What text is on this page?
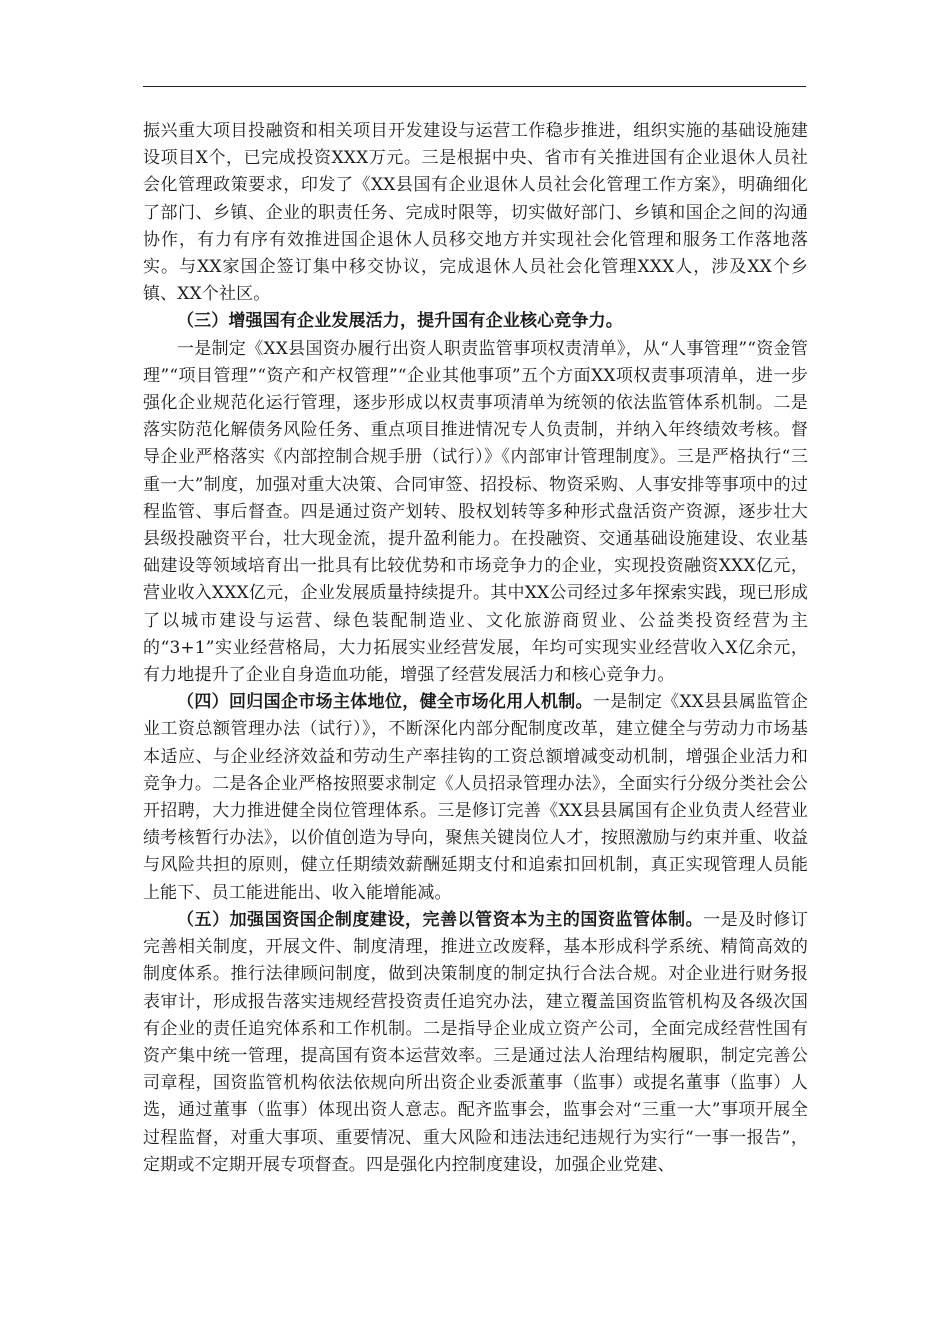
振兴重大项目投融资和相关项目开发建设与运营工作稳步推进，组织实施的基础设施建设项目X个，已完成投资XXX万元。三是根据中央、省市有关推进国有企业退休人员社会化管理政策要求，印发了《XX县国有企业退休人员社会化管理工作方案》，明确细化了部门、乡镇、企业的职责任务、完成时限等，切实做好部门、乡镇和国企之间的沟通协作，有力有序有效推进国企退休人员移交地方并实现社会化管理和服务工作落地落实。与XX家国企签订集中移交协议，完成退休人员社会化管理XXX人，涉及XX个乡镇、XX个社区。

（三）增强国有企业发展活力，提升国有企业核心竞争力。

一是制定《XX县国资办履行出资人职责监管事项权责清单》，从“人事管理”“资金管理”“项目管理”“资产和产权管理”“企业其他事项”五个方面XX项权责事项清单，进一步强化企业规范化运行管理，逐步形成以权责事项清单为统领的依法监管体系机制。二是落实防范化解债务风险任务、重点项目推进情况专人负责制，并纳入年终绩效考核。督导企业严格落实《内部控制合规手册（试行）》《内部审计管理制度》。三是严格执行“三重一大”制度，加强对重大决策、合同审签、招投标、物资采购、人事安排等事项中的过程监管、事后督查。四是通过资产划转、股权划转等多种形式盘活资产资源，逐步壮大县级投融资平台，壮大现金流，提升盈利能力。在投融资、交通基础设施建设、农业基础建设等领域培育出一批具有比较优势和市场竞争力的企业，实现投资融资XXX亿元，营业收入XXX亿元，企业发展质量持续提升。其中XX公司经过多年探索实践，现已形成了以城市建设与运营、绿色装配制造业、文化旅游商贸业、公益类投资经营为主的“3+1”实业经营格局，大力拓展实业经营发展，年均可实现实业经营收入X亿余元，有力地提升了企业自身造血功能，增强了经营发展活力和核心竞争力。

（四）回归国企市场主体地位，健全市场化用人机制。一是制定《XX县县属监管企业工资总额管理办法（试行）》，不断深化内部分配制度改革，建立健全与劳动力市场基本适应、与企业经济效益和劳动生产率挂钩的工资总额增减变动机制，增强企业活力和竞争力。二是各企业严格按照要求制定《人员招录管理办法》，全面实行分级分类社会公开招聘，大力推进健全岗位管理体系。三是修订完善《XX县县属国有企业负责人经营业绩考核暂行办法》，以价值创造为导向，聚焦关键岗位人才，按照激励与约束并重、收益与风险共担的原则，健立任期绩效薪酬延期支付和追索扣回机制，真正实现管理人员能上能下、员工能进能出、收入能增能减。

（五）加强国资国企制度建设，完善以管资本为主的国资监管体制。一是及时修订完善相关制度，开展文件、制度清理，推进立改废释，基本形成科学系统、精简高效的制度体系。推行法律顾问制度，做到决策制度的制定执行合法合规。对企业进行财务报表审计，形成报告落实违规经营投资责任追究办法，建立覆盖国资监管机构及各级次国有企业的责任追究体系和工作机制。二是指导企业成立资产公司，全面完成经营性国有资产集中统一管理，提高国有资本运营效率。三是通过法人治理结构履职，制定完善公司章程，国资监管机构依法依规向所出资企业委派董事（监事）或提名董事（监事）人选，通过董事（监事）体现出资人意志。配齐监事会，监事会对“三重一大”事项开展全过程监督，对重大事项、重要情况、重大风险和违法违纪违规行为实行“一事一报告”，定期或不定期开展专项督查。四是强化内控制度建设，加强企业党建、
